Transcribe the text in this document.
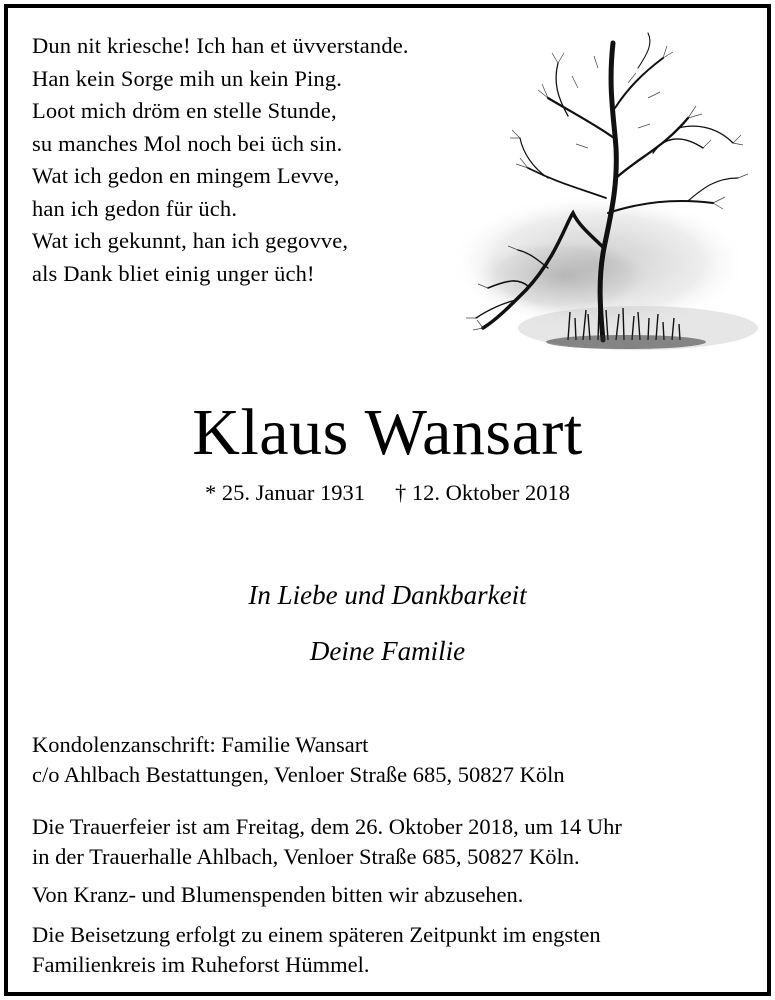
Dun nit kriesche! Ich han et üvverstande.
Han kein Sorge mih un kein Ping.
Loot mich dröm en stelle Stunde,
su manches Mol noch bei üch sin.
Wat ich gedon en mingem Levve,
han ich gedon für üch.
Wat ich gekunnt, han ich gegovve,
als Dank bliet einig unger üch!
Klaus Wansart
* 25. Januar 1931 † 12. Oktober 2018
In Liebe und Dankbarkeit
Deine Familie
Kondolenzanschrift: Familie Wansart
c/o Ahlbach Bestattungen, Venloer Straße 685, 50827 Köln
Die Trauerfeier ist am Freitag, dem 26. Oktober 2018, um 14 Uhr
in der Trauerhalle Ahlbach, Venloer Straße 685, 50827 Köln.
Von Kranz- und Blumenspenden bitten wir abzusehen.
Die Beisetzung erfolgt zu einem späteren Zeitpunkt im engsten
Familienkreis im Ruheforst Hümmel.
